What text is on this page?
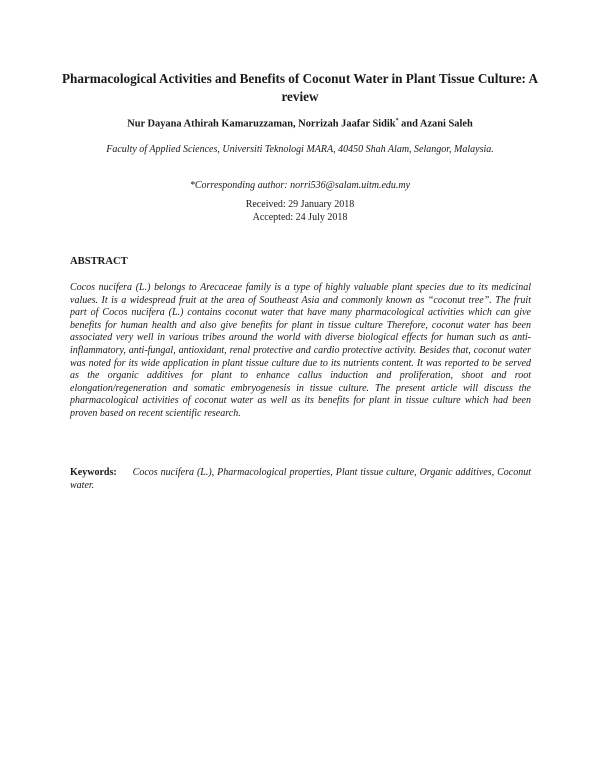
Pharmacological Activities and Benefits of Coconut Water in Plant Tissue Culture: A review
Nur Dayana Athirah Kamaruzzaman, Norrizah Jaafar Sidik* and Azani Saleh
Faculty of Applied Sciences, Universiti Teknologi MARA, 40450 Shah Alam, Selangor, Malaysia.
*Corresponding author: norri536@salam.uitm.edu.my
Received: 29 January 2018
Accepted: 24 July 2018
ABSTRACT
Cocos nucifera (L.) belongs to Arecaceae family is a type of highly valuable plant species due to its medicinal values. It is a widespread fruit at the area of Southeast Asia and commonly known as “coconut tree”. The fruit part of Cocos nucifera (L.) contains coconut water that have many pharmacological activities which can give benefits for human health and also give benefits for plant in tissue culture Therefore, coconut water has been associated very well in various tribes around the world with diverse biological effects for human such as anti-inflammatory, anti-fungal, antioxidant, renal protective and cardio protective activity. Besides that, coconut water was noted for its wide application in plant tissue culture due to its nutrients content. It was reported to be served as the organic additives for plant to enhance callus induction and proliferation, shoot and root elongation/regeneration and somatic embryogenesis in tissue culture. The present article will discuss the pharmacological activities of coconut water as well as its benefits for plant in tissue culture which had been proven based on recent scientific research.
Keywords: Cocos nucifera (L.), Pharmacological properties, Plant tissue culture, Organic additives, Coconut water.
